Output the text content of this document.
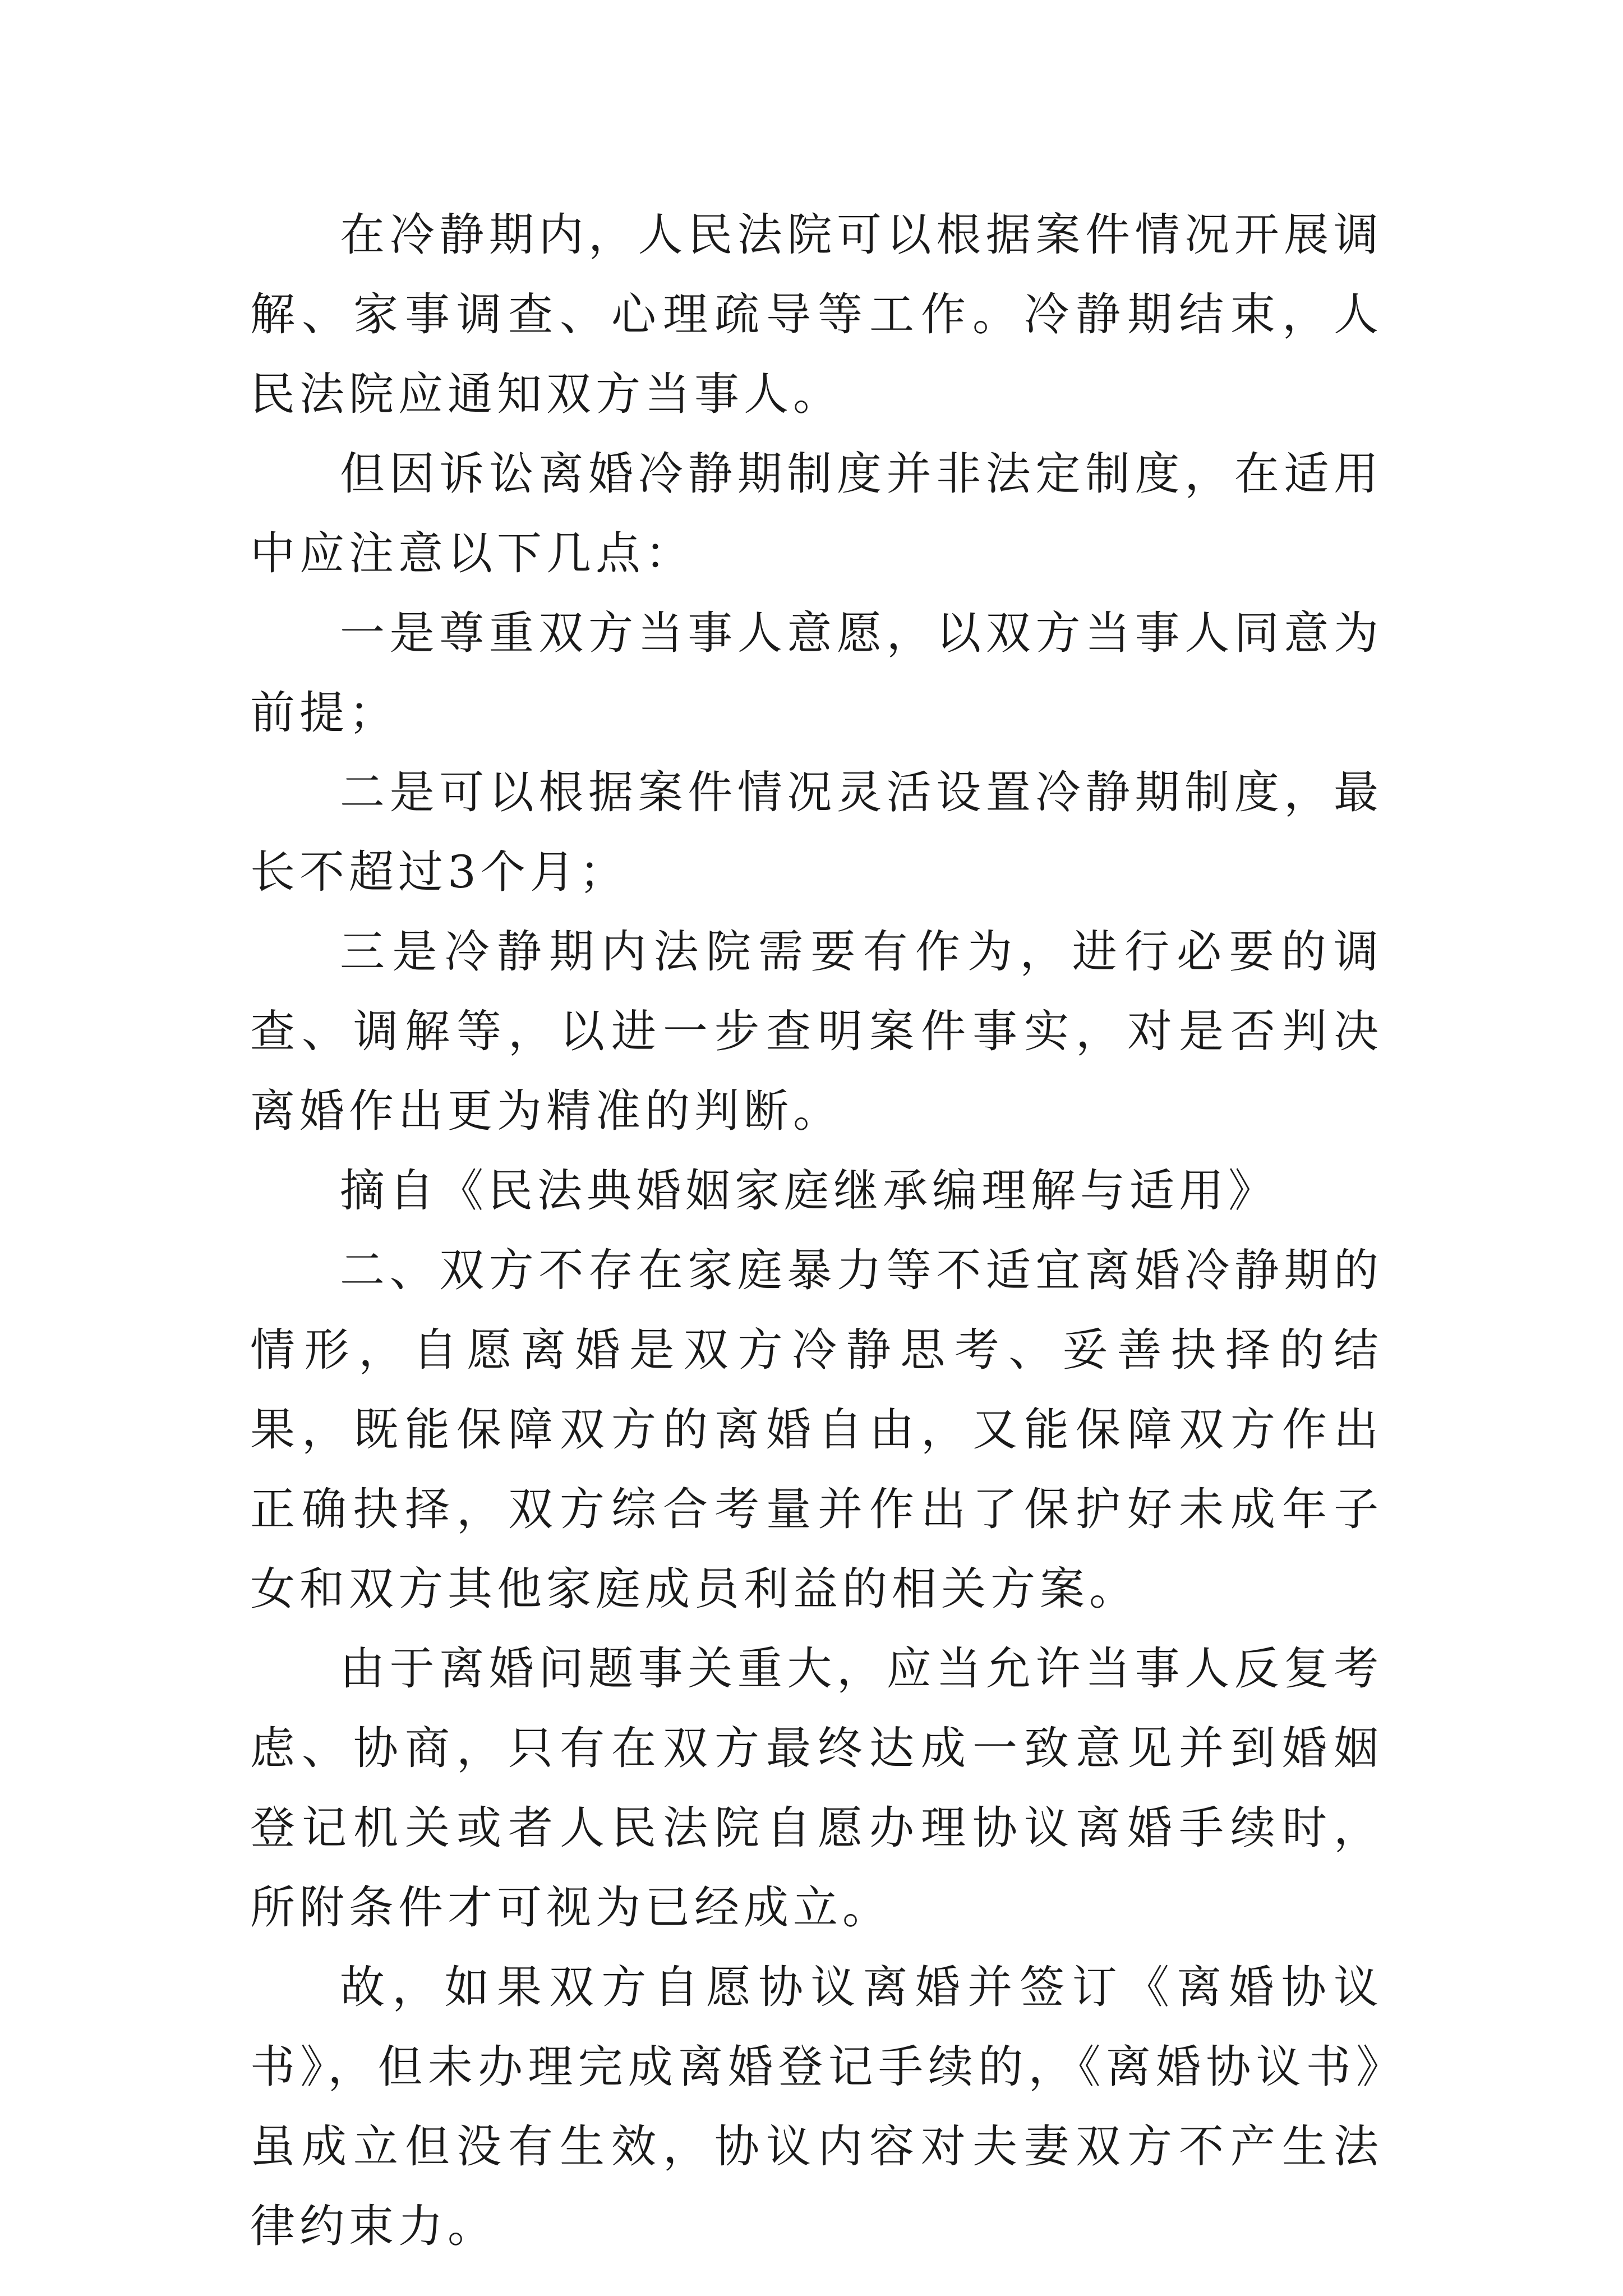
在冷静期内，人民法院可以根据案件情况开展调解、家事调查、心理疏导等工作。冷静期结束，人民法院应通知双方当事人。

但因诉讼离婚冷静期制度并非法定制度，在适用中应注意以下几点：

一是尊重双方当事人意愿，以双方当事人同意为前提；

二是可以根据案件情况灵活设置冷静期制度，最长不超过3个月；

三是冷静期内法院需要有作为，进行必要的调查、调解等，以进一步查明案件事实，对是否判决离婚作出更为精准的判断。

摘自《民法典婚姻家庭继承编理解与适用》

二、双方不存在家庭暴力等不适宜离婚冷静期的情形，自愿离婚是双方冷静思考、妥善抉择的结果，既能保障双方的离婚自由，又能保障双方作出正确抉择，双方综合考量并作出了保护好未成年子女和双方其他家庭成员利益的相关方案。

由于离婚问题事关重大，应当允许当事人反复考虑、协商，只有在双方最终达成一致意见并到婚姻登记机关或者人民法院自愿办理协议离婚手续时，所附条件才可视为已经成立。

故，如果双方自愿协议离婚并签订《离婚协议书》，但未办理完成离婚登记手续的，《离婚协议书》虽成立但没有生效，协议内容对夫妻双方不产生法律约束力。
